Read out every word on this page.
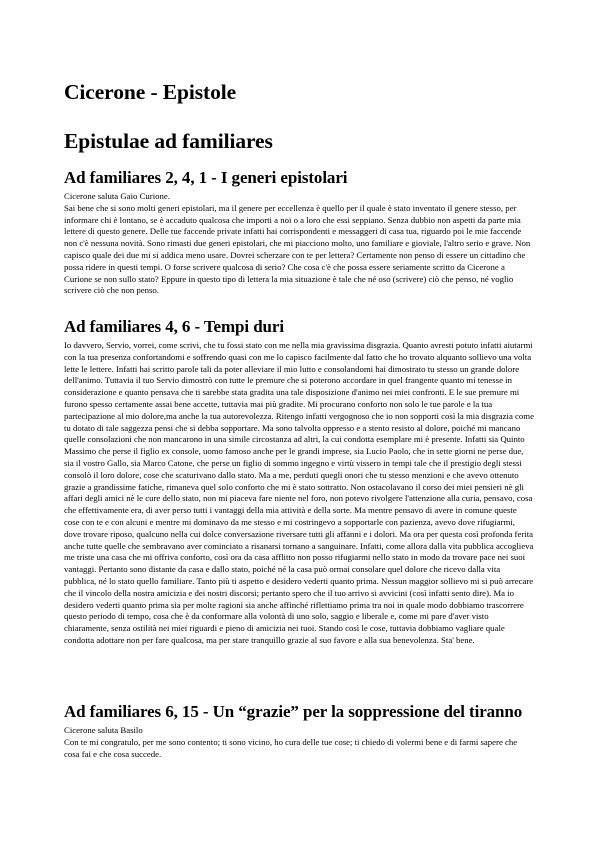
Cicerone - Epistole
Epistulae ad familiares
Ad familiares 2, 4, 1 - I generi epistolari

Cicerone saluta Gaio Curione.

Sai bene che si sono molti generi epistolari, ma il genere per eccellenza è quello per il quale è stato inventato il genere stesso, per informare chi è lontano, se è accaduto qualcosa che importi a noi o a loro che essi seppiano. Senza dubbio non aspetti da parte mia lettere di questo genere. Delle tue faccende private infatti hai corrispondenti e messaggeri di casa tua, riguardo poi le mie faccende non c'è nessuna novità. Sono rimasti due generi epistolari, che mi piacciono molto, uno familiare e gioviale, l'altro serio e grave. Non capisco quale dei due mi si addica meno usare. Dovrei scherzare con te per lettera? Certamente non penso di essere un cittadino che possa ridere in questi tempi. O forse scrivere qualcosa di serio? Che cosa c'è che possa essere seriamente scritto da Cicerone a Curione se non sullo stato? Eppure in questo tipo di lettera la mia situazione è tale che né oso (scrivere) ciò che penso, né voglio scrivere ciò che non penso.

Ad familiares 4, 6 - Tempi duri

Io davvero, Servio, vorrei, come scrivi, che tu fossi stato con me nella mia gravissima disgrazia. Quanto avresti potuto infatti aiutarmi con la tua presenza confortandomi e soffrendo quasi con me lo capisco facilmente dal fatto che ho trovato alquanto sollievo una volta lette le lettere. Infatti hai scritto parole tali da poter alleviare il mio lutto e consolandomi hai dimostrato tu stesso un grande dolore dell'animo. Tuttavia il tuo Servio dimostrò con tutte le premure che si poterono accordare in quel frangente quanto mi tenesse in considerazione e quanto pensava che ti sarebbe stata gradita una tale disposizione d'animo nei miei confronti. E le sue premure mi furono spesso certamente assai bene accette, tuttavia mai più gradite. Mi procurano conforto non solo le tue parole e la tua partecipazione al mio dolore,ma anche la tua autorevolezza. Ritengo infatti vergognoso che io non sopporti così la mia disgrazia come tu dotato di tale saggezza pensi che si debba sopportare. Ma sono talvolta oppresso e a stento resisto al dolore, poiché mi mancano quelle consolazioni che non mancarono in una simile circostanza ad altri, la cui condotta esemplare mi è presente. Infatti sia Quinto Massimo che perse il figlio ex console, uomo famoso anche per le grandi imprese, sia Lucio Paolo, che in sette giorni ne perse due, sia il vostro Gallo, sia Marco Catone, che perse un figlio di sommo ingegno e virtù vissero in tempi tale che il prestigio degli stessi consolò il loro dolore, cose che scaturivano dallo stato. Ma a me, perduti quegli onori che tu stesso menzioni e che avevo ottenuto grazie a grandissime fatiche, rimaneva quel solo conforto che mi è stato sottratto. Non ostacolavano il corso dei miei pensieri nè gli affari degli amici nè le cure dello stato, non mi piaceva fare niente nel foro, non potevo rivolgere l'attenzione alla curia, pensavo, cosa che effettivamente era, di aver perso tutti i vantaggi della mia attività e della sorte. Ma mentre pensavo di avere in comune queste cose con te e con alcuni e mentre mi dominavo da me stesso e mi costringevo a sopportarle con pazienza, avevo dove rifugiarmi, dove trovare riposo, qualcuno nella cui dolce conversazione riversare tutti gli affanni e i dolori. Ma ora per questa così profonda ferita anche tutte quelle che sembravano aver cominciato a risanarsi tornano a sanguinare. Infatti, come allora dalla vita pubblica accoglieva me triste una casa che mi offriva conforto, così ora da casa afflitto non posso rifugiarmi nello stato in modo da trovare pace nei suoi vantaggi. Pertanto sono distante da casa e dallo stato, poiché né la casa può ormai consolare quel dolore che ricevo dalla vita pubblica, né lo stato quello familiare. Tanto più ti aspetto e desidero vederti quanto prima. Nessun maggior sollievo mi si può arrecare che il vincolo della nostra amicizia e dei nostri discorsi; pertanto spero che il tuo arrivo si avvicini (così infatti sento dire). Ma io desidero vederti quanto prima sia per molte ragioni sia anche affinché riflettiamo prima tra noi in quale modo dobbiamo trascorrere questo periodo di tempo, cosa che è da conformare alla volontà di uno solo, saggio e liberale e, come mi pare d'aver visto chiaramente, senza ostilità nei miei riguardi e pieno di amicizia nei tuoi. Stando così le cose, tuttavia dobbiamo vagliare quale condotta adottare non per fare qualcosa, ma per stare tranquillo grazie al suo favore e alla sua benevolenza. Sta' bene.

Ad familiares 6, 15 - Un “grazie” per la soppressione del tiranno

Cicerone saluta Basilo

Con te mi congratulo, per me sono contento; ti sono vicino, ho cura delle tue cose; ti chiedo di volermi bene e di farmi sapere che cosa fai e che cosa succede.
